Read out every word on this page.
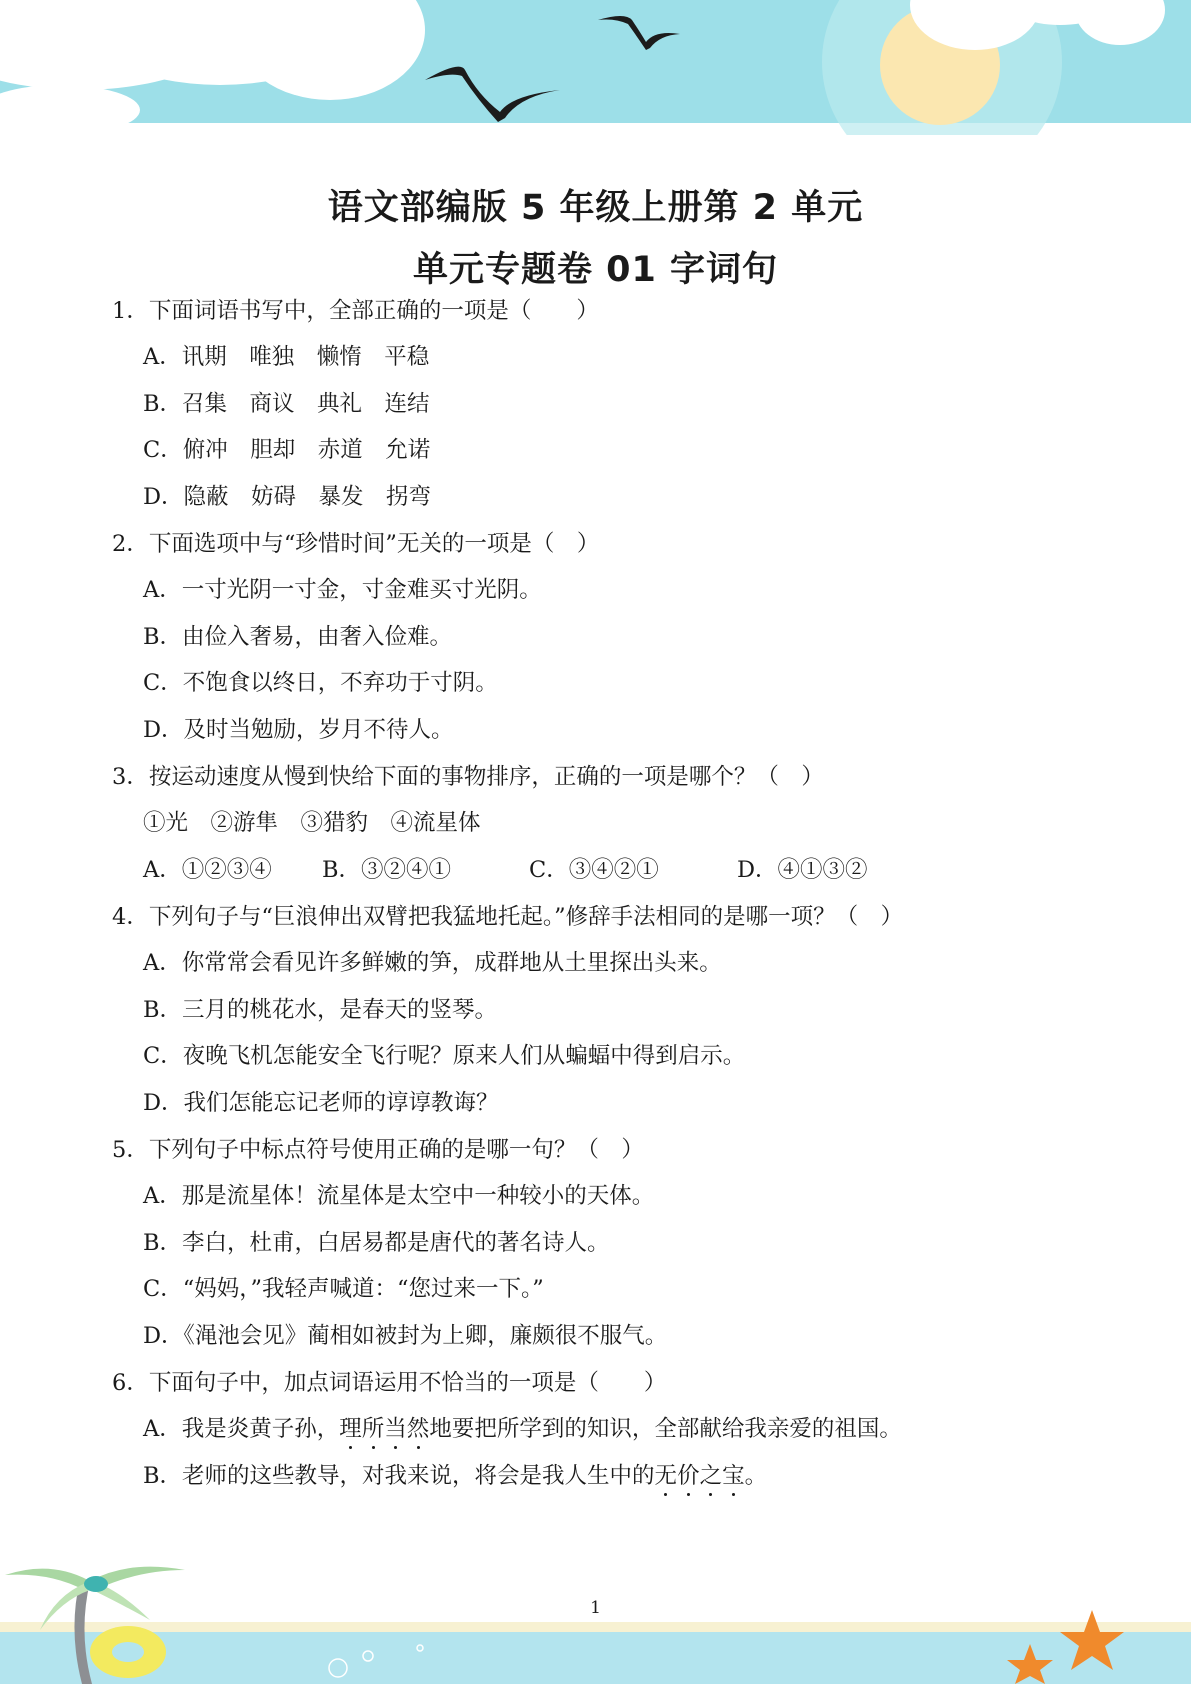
语文部编版 5 年级上册第 2 单元
单元专题卷 01 字词句
1．下面词语书写中，全部正确的一项是（　　）
A．讯期　唯独　懒惰　平稳
B．召集　商议　典礼　连结
C．俯冲　胆却　赤道　允诺
D．隐蔽　妨碍　暴发　拐弯
2．下面选项中与“珍惜时间”无关的一项是（　）
A．一寸光阴一寸金，寸金难买寸光阴。
B．由俭入奢易，由奢入俭难。
C．不饱食以终日，不弃功于寸阴。
D．及时当勉励，岁月不待人。
3．按运动速度从慢到快给下面的事物排序，正确的一项是哪个？（　）
①光　②游隼　③猎豹　④流星体
A．①②③④ B．③②④①	C．③④②①	D．④①③②
4．下列句子与“巨浪伸出双臂把我猛地托起。”修辞手法相同的是哪一项？（　）
A．你常常会看见许多鲜嫩的笋，成群地从土里探出头来。
B．三月的桃花水，是春天的竖琴。
C．夜晚飞机怎能安全飞行呢？原来人们从蝙蝠中得到启示。
D．我们怎能忘记老师的谆谆教诲？
5．下列句子中标点符号使用正确的是哪一句？（　）
A．那是流星体！流星体是太空中一种较小的天体。
B．李白，杜甫，白居易都是唐代的著名诗人。
C．“妈妈，”我轻声喊道：“您过来一下。”
D．《渑池会见》蔺相如被封为上卿，廉颇很不服气。
6．下面句子中，加点词语运用不恰当的一项是（　　）
A．我是炎黄子孙，理所当然地要把所学到的知识，全部献给我亲爱的祖国。
B．老师的这些教导，对我来说，将会是我人生中的无价之宝。
1
